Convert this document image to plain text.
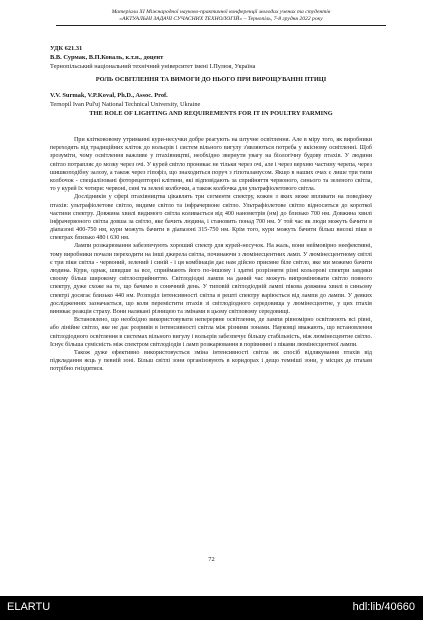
Матеріали ХІ Міжнародної науково-практичної конференції молодих учених та студентів
«АКТУАЛЬНІ ЗАДАЧІ СУЧАСНИХ ТЕХНОЛОГІЙ» – Тернопіль, 7-8 грудня 2022 року
УДК 621.31
В.В. Сурмак, В.П.Коваль, к.т.н., доцент
Тернопільський національний технічний університет імені І.Пулюя, Україна
РОЛЬ ОСВІТЛЕННЯ ТА ВИМОГИ ДО НЬОГО ПРИ ВИРОЩУВАННІ ПТИЦІ
V.V. Surmak, V.P.Koval, Ph.D., Assoc. Prof.
Ternopil Ivan Pul'uj National Technical University, Ukraine
THE ROLE OF LIGHTING AND REQUIREMENTS FOR IT IN POULTRY FARMING

При кліткововому утриманні кури-несучки добре реагують на штучне освітлення. Але в міру того, як виробники переходять від традиційних кліток до вольєрів і систем вільного вигулу з'являються потреба у якісному освітленні. Щоб зрозуміти, чому освітлення важливе у птахівництві, необхідно звернути увагу на біологічну будову птахів. У людини світло потрапляє до мозку через очі. У курей світло проникає не тільки через очі, але і через верхню частину черепа, через шишкоподібну залозу, а також через гіпофіз, що знаходиться поруч з гіпоталамусом. Якщо в наших очах є лише три типи колбочок - спеціалізовані фоторецепторні клітини, які відповідають за сприйняття червоного, синього та зеленого світла, то у курей їх чотири: червоні, сині та зелені колбочки, а також колбочка для ультрафіолетового світла.

Дослідників у сфері птахівництва цікавлять три сегменти спектру, кожен з яких може впливати на поведінку птахів: ультрафіолетове світло, видиме світло та інфрачервоне світло. Ультрафіолетове світло відноситься до короткої частини спектру. Довжина хвилі видимого світла коливається від 400 нанометрів (нм) до близько 700 нм. Довжина хвилі інфрачервоного світла довша за світло, яке бачить людина, і становить понад 700 нм. У той час як люди можуть бачити в діапазоні 400-750 нм, кури можуть бачити в діапазоні 315-750 нм. Крім того, кури можуть бачити більш високі піки в спектрах близько 480 і 630 нм.

Лампи розжарювання забезпечують хороший спектр для курей-несучок. На жаль, вони неймовірно неефективні, тому виробники почали переходити на інші джерела світла, починаючи з люмінесцентних ламп. У люмінесцентному світлі є три піки світла - червоний, зелений і синій - і ця комбінація дає нам дійсно приємне біле світло, яке ми можемо бачити людина. Кури, однак, швидше за все, сприймають його по-іншому і здатні розрізняти різні кольорові спектри завдяки своєму більш широкому світлосприйняттю. Світлодіодні лампи на даний час можуть випромінювати світло повного спектру, дуже схоже на те, що бачимо в сонячний день. У типовій світлодіодній лампі пікова довжина хвилі в синьому спектрі досягає близько 440 нм. Розподіл інтенсивності світла в решті спектру варіюється від лампи до лампи. У деяких дослідженнях зазначається, що коли перемістити птахів зі світлодіодного середовища у люмінесцентне, у цих птахів виникає реакція страху. Вони налякані різницею та змінами в цьому світловому середовищі.

Встановлено, що необхідно використовувати неперервне освітлення, де лампи рівномірно освітлюють всі рівні, або лінійне світло, яке не дає розривів в інтенсивності світла між різними зонами. Науковці вважають, що встановлення світлодіодного освітлення в системах вільного вигулу і вольєрів забезпечує більшу стабільність, ніж люмінесцентне світло. Існує більша сумісність між спектром світлодіодів і ламп розжарювання в порівнянні з піками люмінесцентної лампи.

Також дуже ефективно використовується зміна інтенсивності світла як спосіб відлякування птахів від підкладання яєць у певній зоні. Більш світлі зони організовують в коридорах і дещо темніші зони, у місцях де птахам потрібно гніздитися.

72
ELARTU	hdl:lib/40660
